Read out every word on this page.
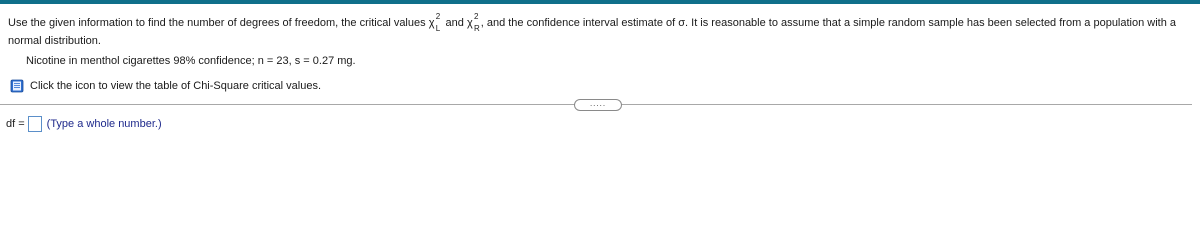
Use the given information to find the number of degrees of freedom, the critical values χ
2
L and χ
2
R , and the confidence interval estimate of σ. It is reasonable to assume that a simple random sample has been selected from a population with a normal distribution.
Nicotine in menthol cigarettes 98% confidence; n = 23, s = 0.27 mg.
Click the icon to view the table of Chi-Square critical values.
.....
df = (Type a whole number.)
